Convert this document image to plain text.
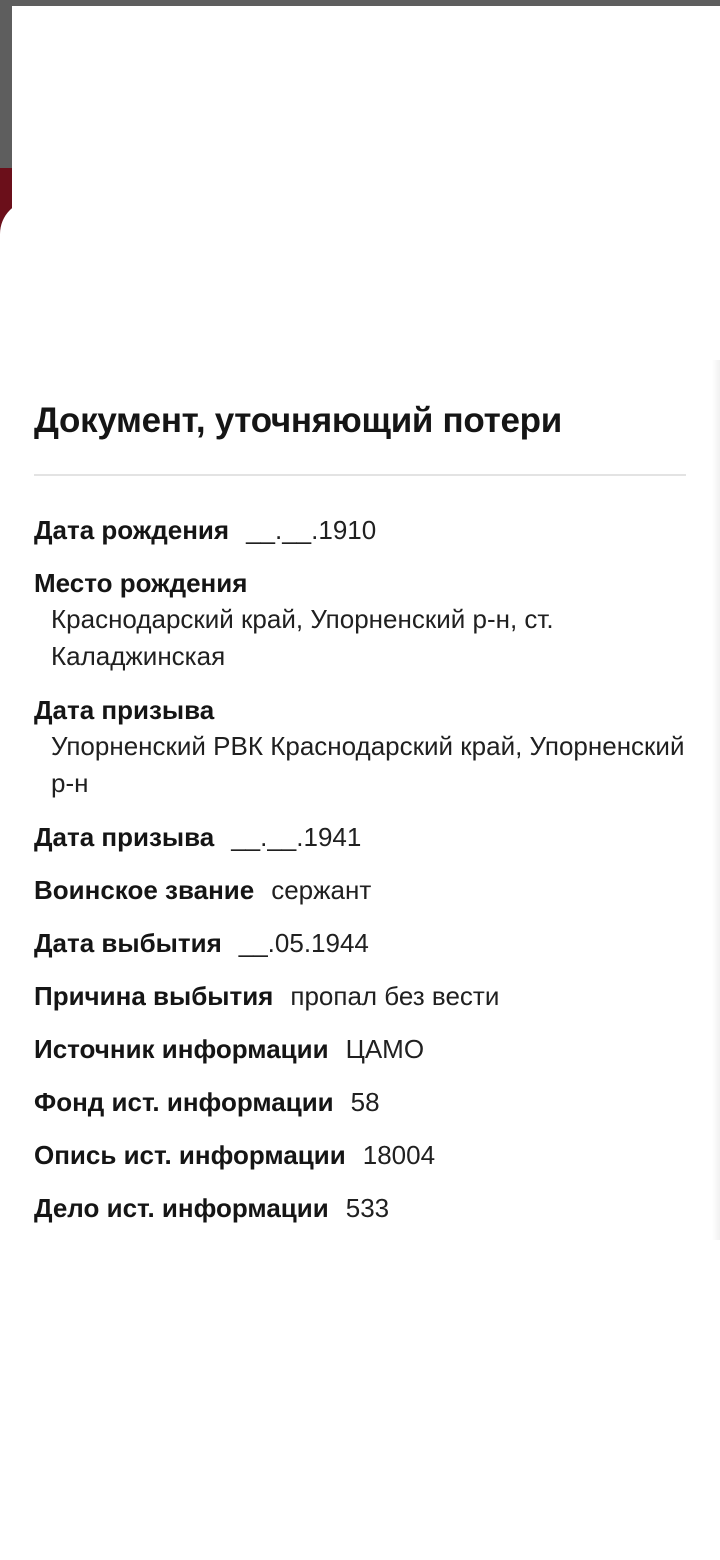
Документ, уточняющий потери
Дата рождения __.__.1910
Место рождения
Краснодарский край, Упорненский р-н, ст. Каладжинская
Дата призыва
Упорненский РВК Краснодарский край, Упорненский р-н
Дата призыва __.__.1941
Воинское звание сержант
Дата выбытия __.05.1944
Причина выбытия пропал без вести
Источник информации ЦАМО
Фонд ист. информации 58
Опись ист. информации 18004
Дело ист. информации 533
